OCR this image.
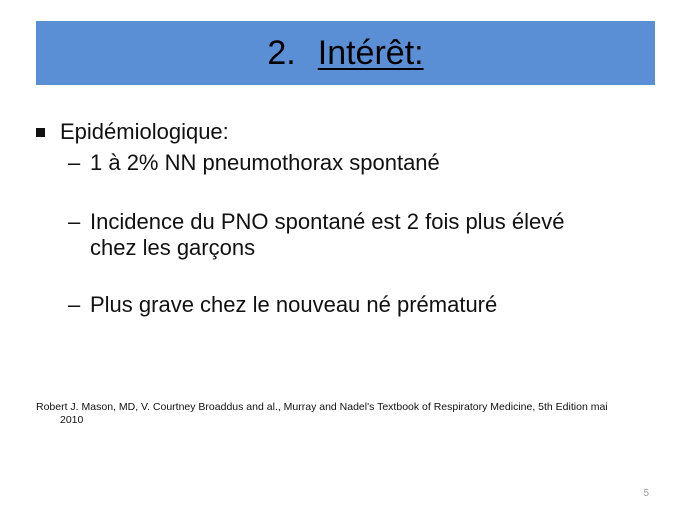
2. Intérêt:
Epidémiologique:
– 1 à 2% NN pneumothorax spontané
– Incidence du PNO spontané est 2 fois plus élevé
chez les garçons
– Plus grave chez le nouveau né prématuré
Robert J. Mason, MD, V. Courtney Broaddus and al., Murray and Nadel's Textbook of Respiratory Medicine, 5th Edition mai
2010
5
